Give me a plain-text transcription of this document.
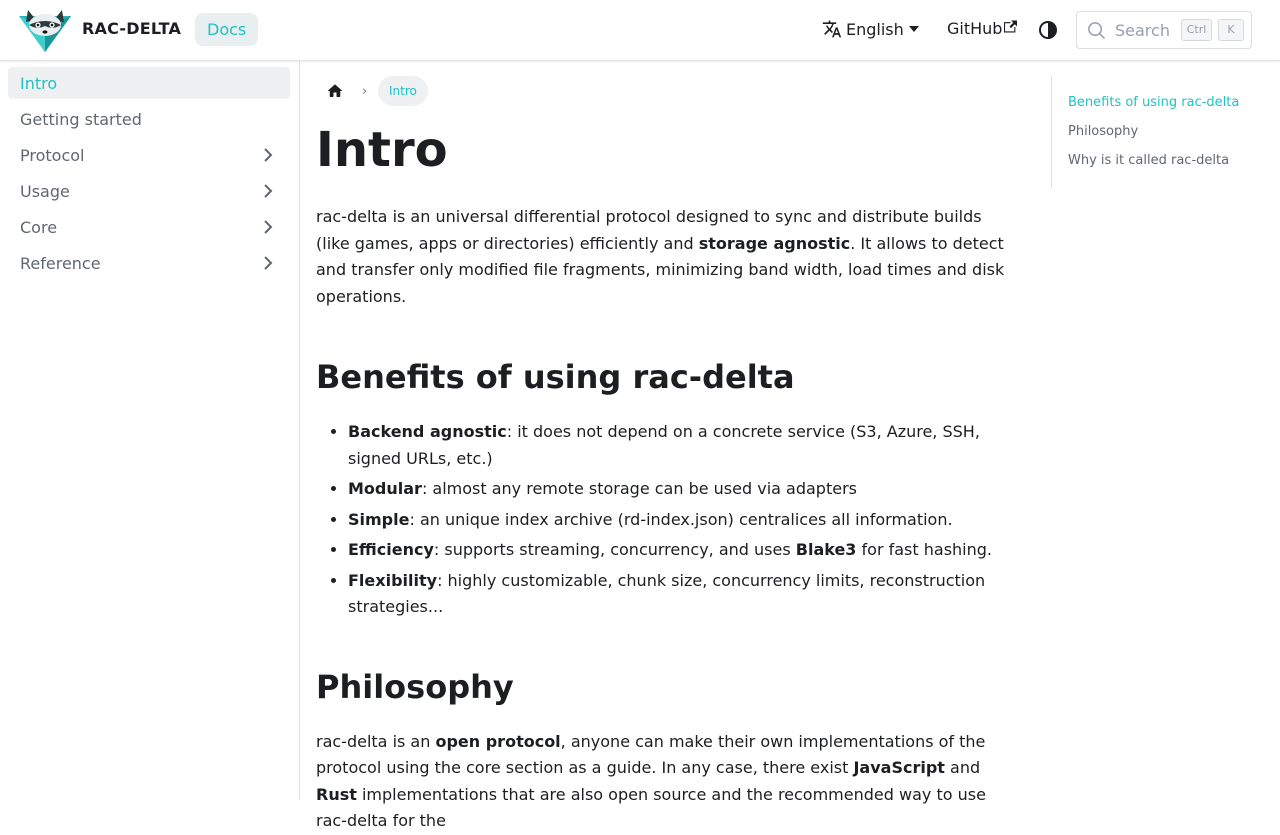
RAC-DELTA	Docs	English	GitHub	Search	Ctrl	K
Intro
Getting started
Protocol
Usage
Core
Reference
›	Intro
Intro

rac-delta is an universal differential protocol designed to sync and distribute builds (like games, apps or directories) efficiently and storage agnostic. It allows to detect and transfer only modified file fragments, minimizing band width, load times and disk operations.

Benefits of using rac-delta
• Backend agnostic: it does not depend on a concrete service (S3, Azure, SSH, signed URLs, etc.)
• Modular: almost any remote storage can be used via adapters
• Simple: an unique index archive (rd-index.json) centralices all information.
• Efficiency: supports streaming, concurrency, and uses Blake3 for fast hashing.
• Flexibility: highly customizable, chunk size, concurrency limits, reconstruction strategies...
Philosophy

rac-delta is an open protocol, anyone can make their own implementations of the protocol using the core section as a guide. In any case, there exist JavaScript and Rust implementations that are also open source and the recommended way to use rac-delta for the

Benefits of using rac-delta
Philosophy
Why is it called rac-delta
